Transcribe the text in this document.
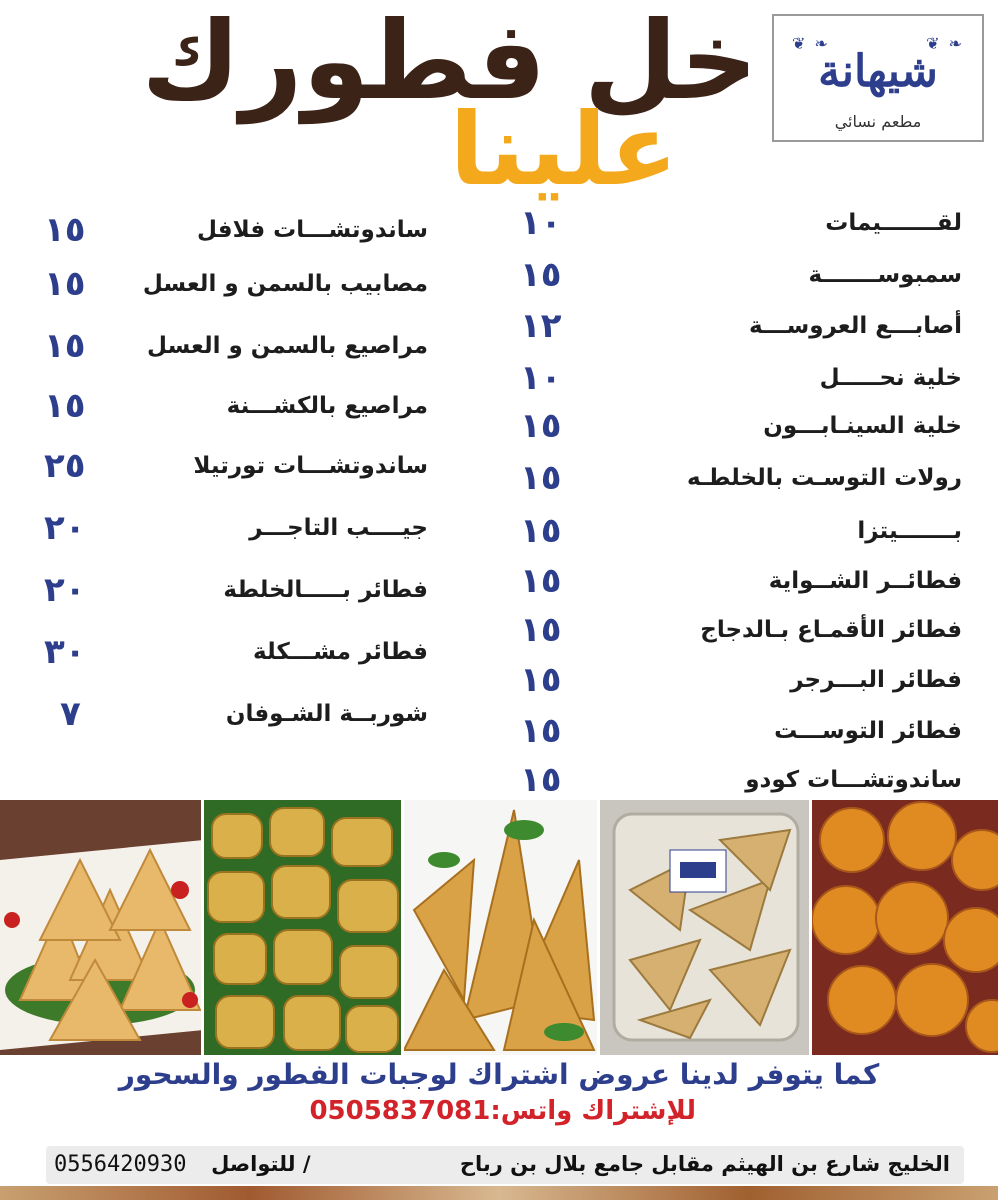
❦ ❧	❦ ❧
شيهانة
مطعم نسائي
خل فطورك
علينا
لقـــــــيمات
١٠
سمبوســـــــة
١٥
أصابـــع العروســـة
١٢
خلية نحـــــل
١٠
خلية السينـابـــون
١٥
رولات التوسـت بالخلطـه
١٥
بـــــــيتزا
١٥
فطائــر الشــواية
١٥
فطائر الأقمـاع بـالدجاج
١٥
فطائر البـــرجر
١٥
فطائر التوســـت
١٥
ساندوتشـــات كودو
١٥
ساندوتشـــات فلافل
١٥
مصابيب بالسمن و العسل
١٥
مراصيع بالسمن و العسل
١٥
مراصيع بالكشـــنة
١٥
ساندوتشـــات تورتيلا
٢٥
جيــــب التاجـــر
٢٠
فطائر بـــــالخلطة
٢٠
فطائر مشـــكلة
٣٠
شوربــة الشـوفان
٧
كما يتوفر لدينا عروض اشتراك لوجبات الفطور والسحور
للإشتراك واتس:0505837081
الخليج شارع بن الهيثم مقابل جامع بلال بن رباح
0556420930 للتواصل /
